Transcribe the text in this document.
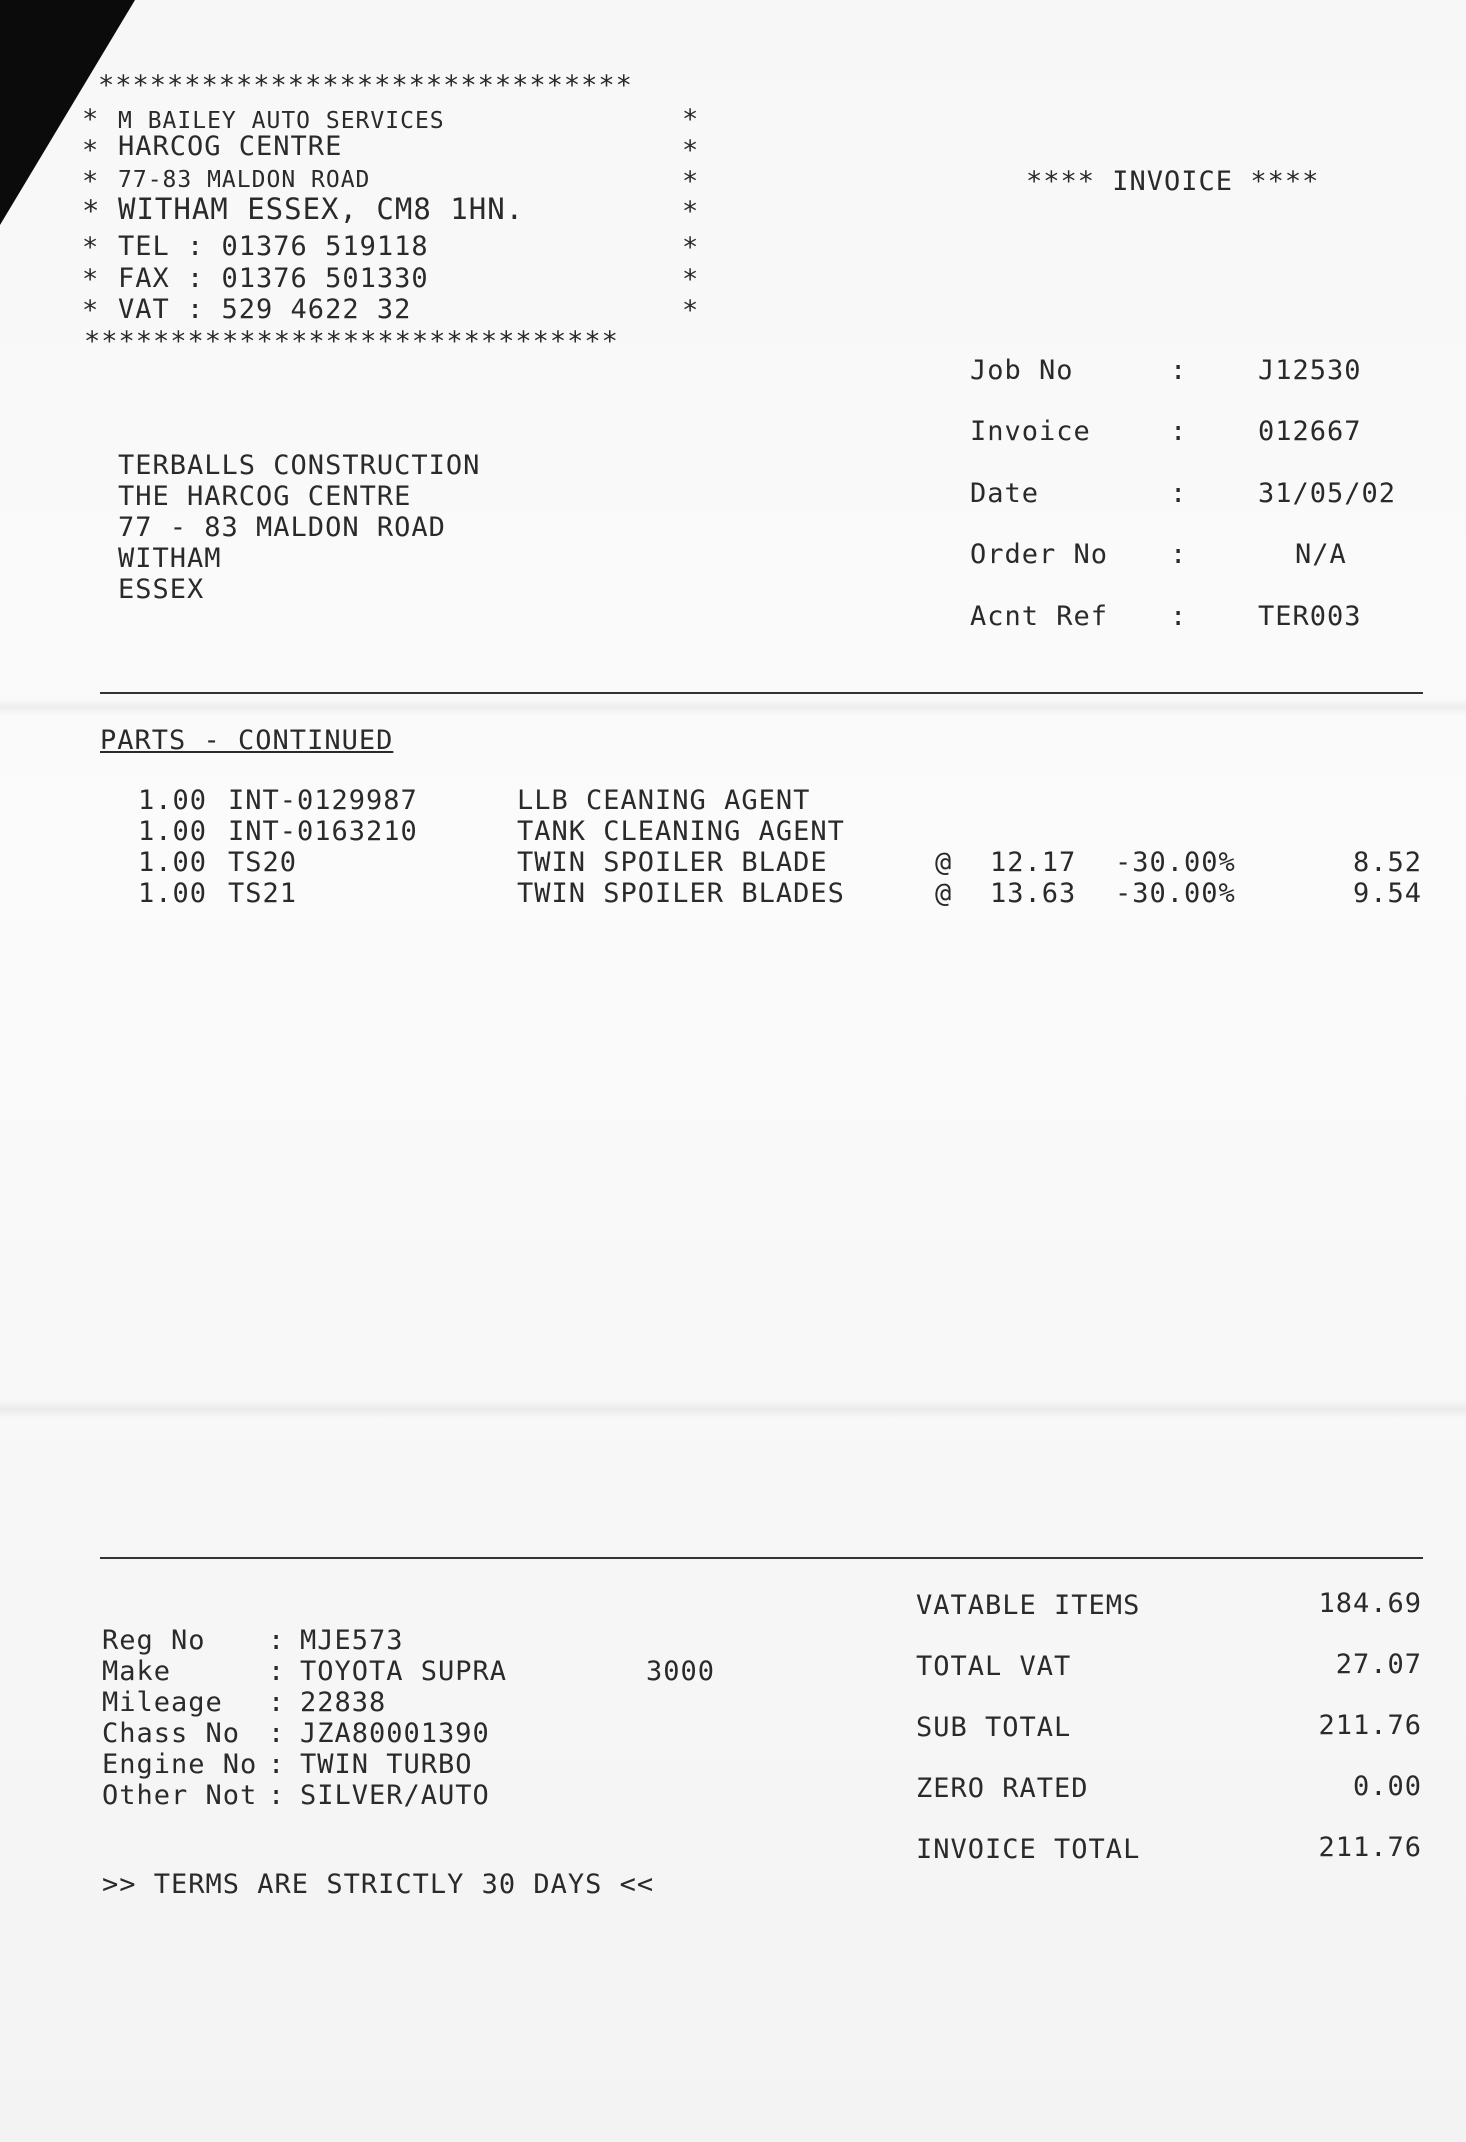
*******************************
* M BAILEY AUTO SERVICES	*
* HARCOG CENTRE	*
* 77-83 MALDON ROAD	*
* WITHAM ESSEX, CM8 1HN.	*
* TEL : 01376 519118	*
* FAX : 01376 501330	*
* VAT : 529 4622 32	*
*******************************
**** INVOICE ****
Job No	:	J12530
Invoice	:	012667
Date	:	31/05/02
Order No :	N/A
Acnt Ref :	TER003
TERBALLS CONSTRUCTION
THE HARCOG CENTRE
77 - 83 MALDON ROAD
WITHAM
ESSEX
PARTS - CONTINUED
1.00 INT-0129987	LLB CEANING AGENT
1.00 INT-0163210	TANK CLEANING AGENT
1.00 TS20	TWIN SPOILER BLADE	@ 12.17 -30.00%	8.52
1.00 TS21	TWIN SPOILER BLADES	@ 13.63 -30.00%	9.54
Reg No : MJE573
Make	: TOYOTA SUPRA	3000
Mileage : 22838
Chass No : JZA80001390
Engine No : TWIN TURBO
Other Not : SILVER/AUTO
VATABLE ITEMS	184.69
TOTAL VAT	27.07
SUB TOTAL	211.76
ZERO RATED	0.00
INVOICE TOTAL	211.76
>> TERMS ARE STRICTLY 30 DAYS <<
